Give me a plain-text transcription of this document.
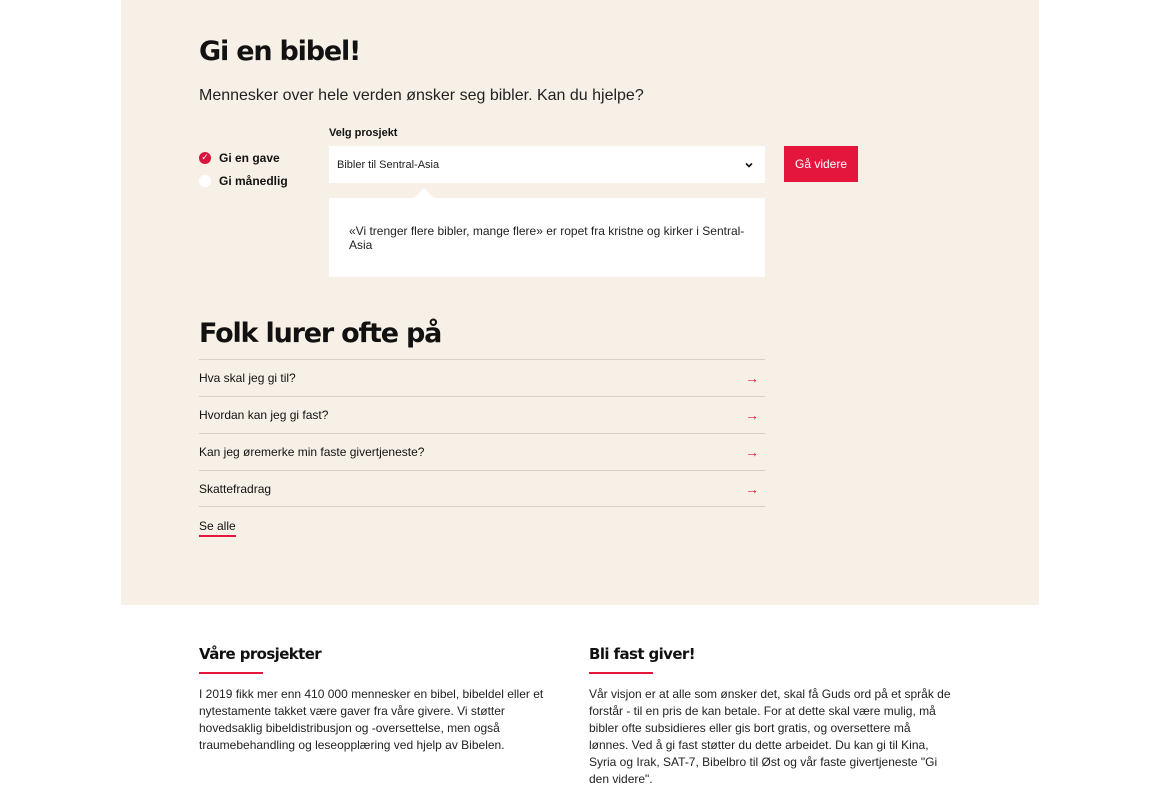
Gi en bibel!
Mennesker over hele verden ønsker seg bibler. Kan du hjelpe?
✓ Gi en gave
Gi månedlig
Velg prosjekt
Bibler til Sentral-Asia	Gå videre
«Vi trenger flere bibler, mange flere» er ropet fra kristne og kirker i Sentral-Asia
Folk lurer ofte på
Hva skal jeg gi til?	→
Hvordan kan jeg gi fast?	→
Kan jeg øremerke min faste givertjeneste?	→
Skattefradrag	→
Se alle
Våre prosjekter

I 2019 fikk mer enn 410 000 mennesker en bibel, bibeldel eller et nytestamente takket være gaver fra våre givere. Vi støtter hovedsaklig bibeldistribusjon og -oversettelse, men også traumebehandling og leseopplæring ved hjelp av Bibelen.

Bli fast giver!

Vår visjon er at alle som ønsker det, skal få Guds ord på et språk de forstår - til en pris de kan betale. For at dette skal være mulig, må bibler ofte subsidieres eller gis bort gratis, og oversettere må lønnes. Ved å gi fast støtter du dette arbeidet. Du kan gi til Kina, Syria og Irak, SAT-7, Bibelbro til Øst og vår faste givertjeneste "Gi den videre".
